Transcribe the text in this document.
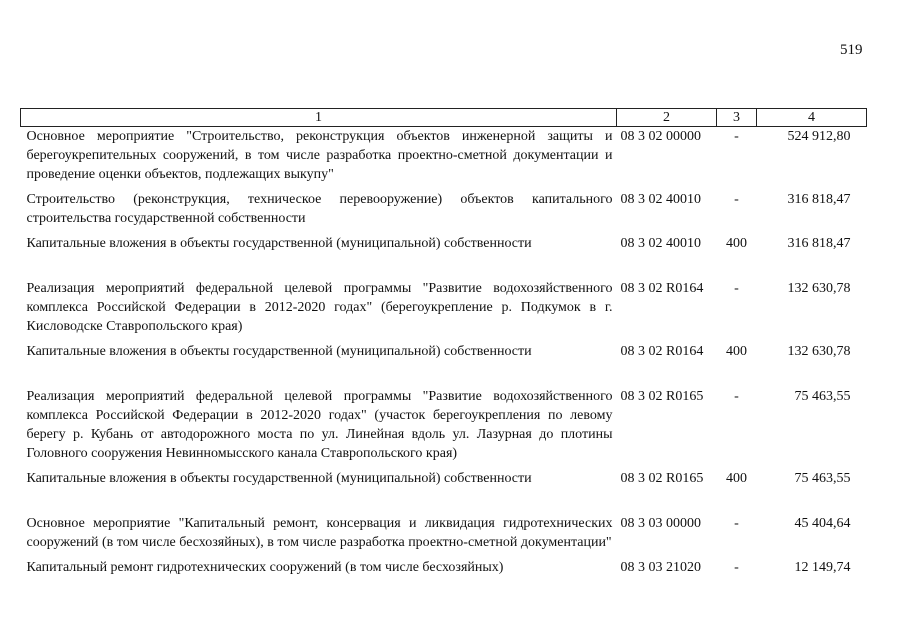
519
1	2	3	4
Основное мероприятие "Строительство, реконструкция объектов инженерной защиты и берегоукрепительных сооружений, в том числе разработка проектно-сметной документации и проведение оценки объектов, подлежащих выкупу"	08 3 02 00000	-	524 912,80
Строительство (реконструкция, техническое перевооружение) объектов капитального строительства государственной собственности	08 3 02 40010	-	316 818,47
Капитальные вложения в объекты государственной (муниципальной) собственности	08 3 02 40010	400	316 818,47
Реализация мероприятий федеральной целевой программы "Развитие водохозяйственного комплекса Российской Федерации в 2012-2020 годах" (берегоукрепление р. Подкумок в г. Кисловодске Ставропольского края)	08 3 02 R0164	-	132 630,78
Капитальные вложения в объекты государственной (муниципальной) собственности	08 3 02 R0164	400	132 630,78
Реализация мероприятий федеральной целевой программы "Развитие водохозяйственного комплекса Российской Федерации в 2012-2020 годах" (участок берегоукрепления по левому берегу р. Кубань от автодорожного моста по ул. Линейная вдоль ул. Лазурная до плотины Головного сооружения Невинномысского канала Ставропольского края)	08 3 02 R0165	-	75 463,55
Капитальные вложения в объекты государственной (муниципальной) собственности	08 3 02 R0165	400	75 463,55
Основное мероприятие "Капитальный ремонт, консервация и ликвидация гидротехнических сооружений (в том числе бесхозяйных), в том числе разработка проектно-сметной документации"	08 3 03 00000	-	45 404,64
Капитальный ремонт гидротехнических сооружений (в том числе бесхозяйных)	08 3 03 21020	-	12 149,74
